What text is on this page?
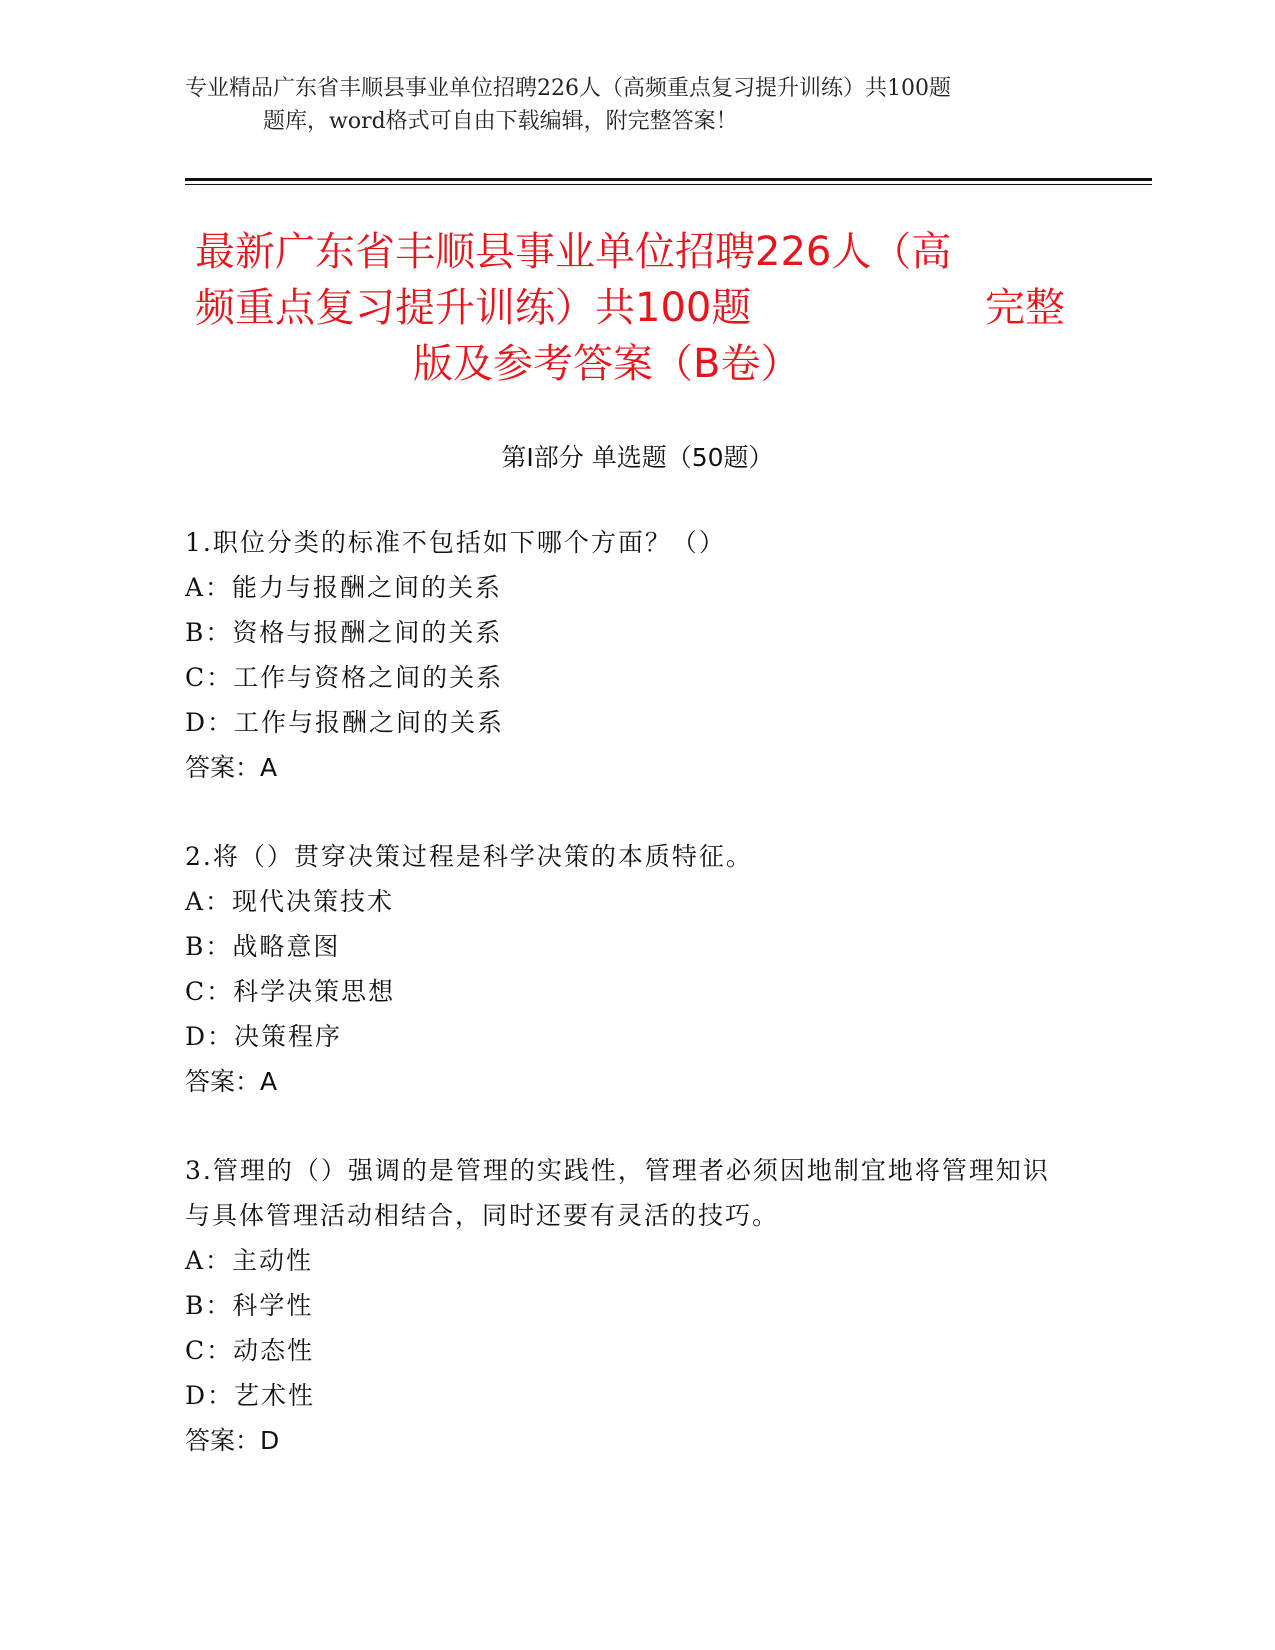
专业精品广东省丰顺县事业单位招聘226人（高频重点复习提升训练）共100题
题库，word格式可自由下载编辑，附完整答案！
最新广东省丰顺县事业单位招聘226人（高
频重点复习提升训练）共100题	完整
版及参考答案（B卷）
第Ⅰ部分 单选题（50题）
1.职位分类的标准不包括如下哪个方面？（）
A：能力与报酬之间的关系
B：资格与报酬之间的关系
C：工作与资格之间的关系
D：工作与报酬之间的关系
答案：A
2.将（）贯穿决策过程是科学决策的本质特征。
A：现代决策技术
B：战略意图
C：科学决策思想
D：决策程序
答案：A
3.管理的（）强调的是管理的实践性，管理者必须因地制宜地将管理知识与具体管理活动相结合，同时还要有灵活的技巧。
A：主动性
B：科学性
C：动态性
D：艺术性
答案：D
